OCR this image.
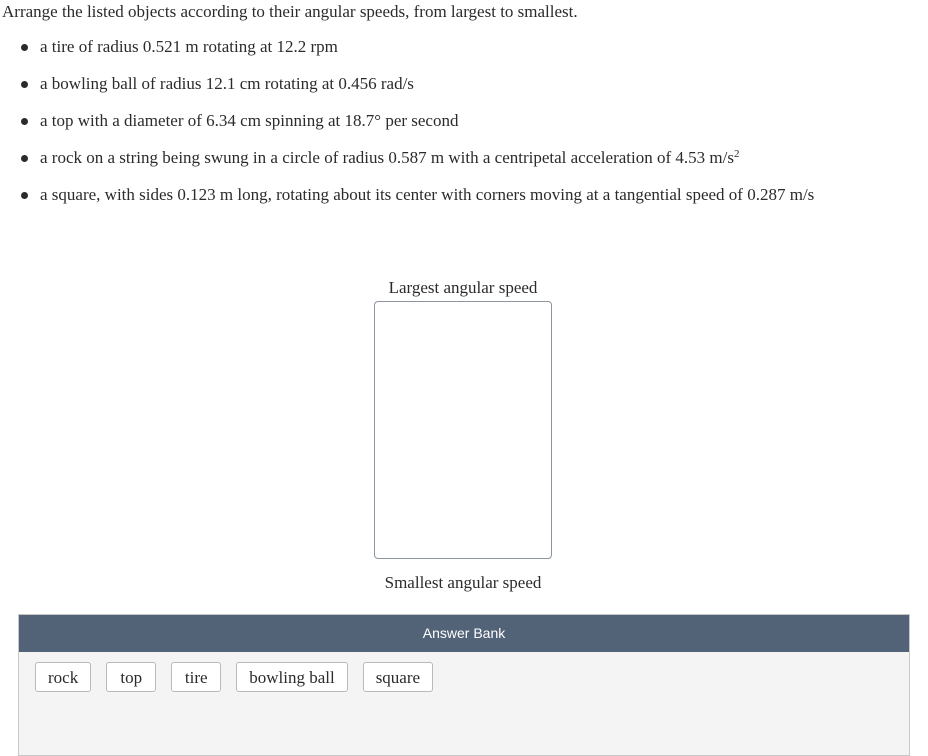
Arrange the listed objects according to their angular speeds, from largest to smallest.

a tire of radius 0.521 m rotating at 12.2 rpm
a bowling ball of radius 12.1 cm rotating at 0.456 rad/s
a top with a diameter of 6.34 cm spinning at 18.7° per second
a rock on a string being swung in a circle of radius 0.587 m with a centripetal acceleration of 4.53 $m/s^2$
a square, with sides 0.123 m long, rotating about its center with corners moving at a tangential speed of 0.287 m/s
Largest angular speed
Smallest angular speed
Answer Bank
rock	top	tire	bowling ball	square
